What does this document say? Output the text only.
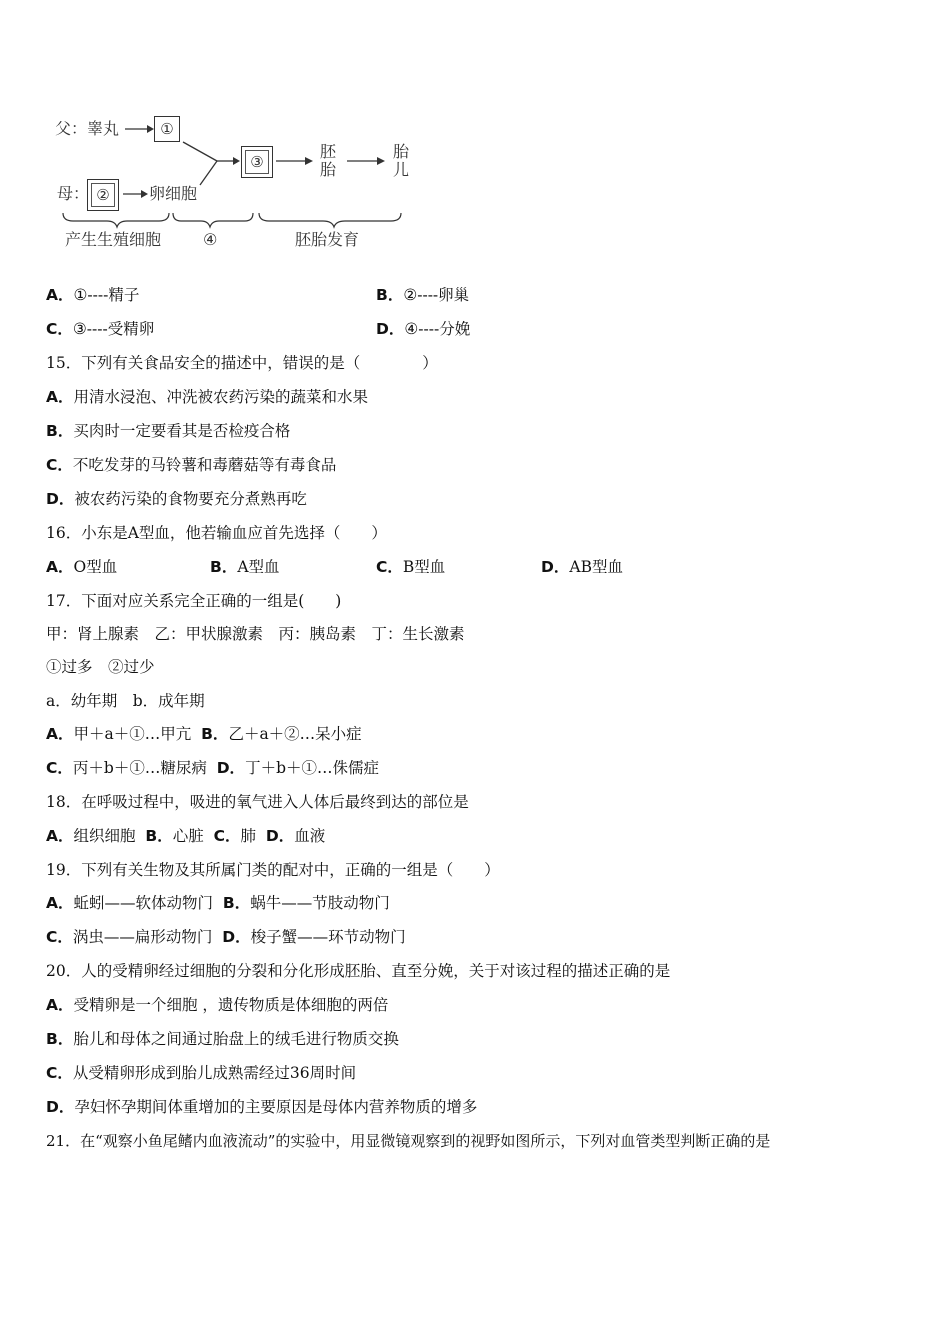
父：睾丸	①
母： ②	卵细胞
③
胚
胎
胎
儿
产生生殖细胞	④	胚胎发育
A．①----精子	B．②----卵巢
C．③----受精卵	D．④----分娩
15．下列有关食品安全的描述中，错误的是（　　　　）
A．用清水浸泡、冲洗被农药污染的蔬菜和水果
B．买肉时一定要看其是否检疫合格
C．不吃发芽的马铃薯和毒蘑菇等有毒食品
D．被农药污染的食物要充分煮熟再吃
16．小东是A型血，他若输血应首先选择（　　）
A．O型血	B．A型血	C．B型血	D．AB型血
17．下面对应关系完全正确的一组是(　　)
甲：肾上腺素　乙：甲状腺激素　丙：胰岛素　丁：生长激素
①过多　②过少
a．幼年期　b．成年期
A．甲＋a＋①…甲亢 B．乙＋a＋②…呆小症
C．丙＋b＋①…糖尿病 D．丁＋b＋①…侏儒症
18．在呼吸过程中，吸进的氧气进入人体后最终到达的部位是
A．组织细胞 B．心脏 C．肺 D．血液
19．下列有关生物及其所属门类的配对中，正确的一组是（　　）
A．蚯蚓——软体动物门 B．蜗牛——节肢动物门
C．涡虫——扁形动物门 D．梭子蟹——环节动物门
20．人的受精卵经过细胞的分裂和分化形成胚胎、直至分娩，关于对该过程的描述正确的是
A．受精卵是一个细胞 ，遗传物质是体细胞的两倍
B．胎儿和母体之间通过胎盘上的绒毛进行物质交换
C．从受精卵形成到胎儿成熟需经过36周时间
D．孕妇怀孕期间体重增加的主要原因是母体内营养物质的增多
21．在“观察小鱼尾鳍内血液流动”的实验中，用显微镜观察到的视野如图所示，下列对血管类型判断正确的是
